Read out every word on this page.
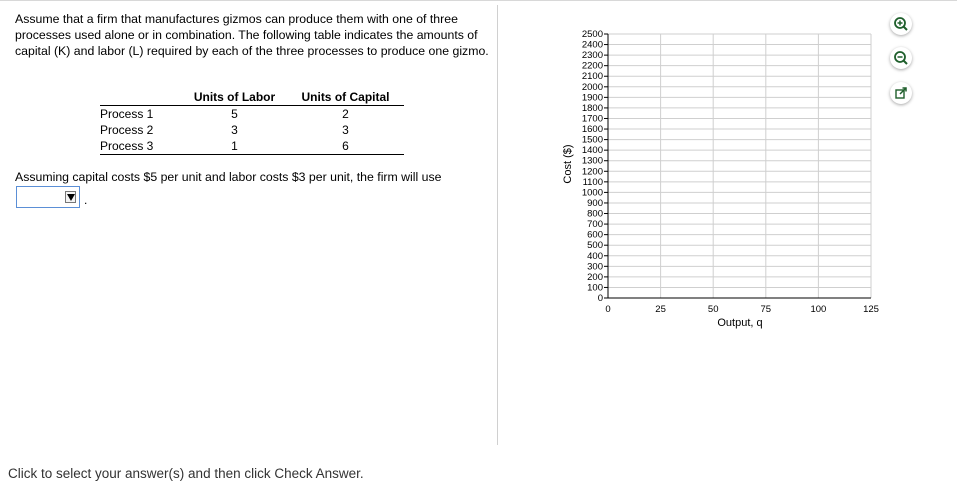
Assume that a firm that manufactures gizmos can produce them with one of three processes used alone or in combination. The following table indicates the amounts of capital (K) and labor (L) required by each of the three processes to produce one gizmo.

	Units of Labor	Units of Capital
Process 1	5	2
Process 2	3	3
Process 3	1	6
Assuming capital costs $5 per unit and labor costs $3 per unit, the firm will use
.
0
100
200
300
400
500
600
700
800
900
1000
1100
1200
1300
1400
1500
1600
1700
1800
1900
2000
2100
2200
2300
2400
2500
0	25	50	75	100	125
Cost ($)
Output, q
Click to select your answer(s) and then click Check Answer.
